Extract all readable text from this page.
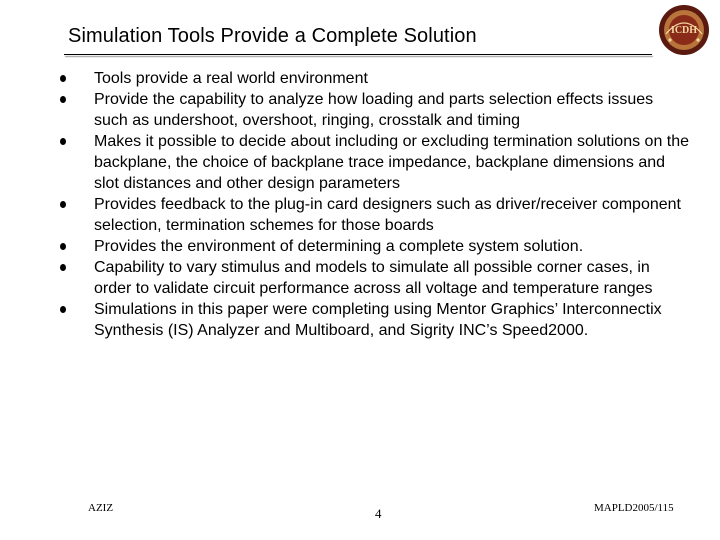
Simulation Tools Provide a Complete Solution	ICDH
Tools provide a real world environment
Provide the capability to analyze how loading and parts selection effects issues such as undershoot, overshoot, ringing, crosstalk and timing
Makes it possible to decide about including or excluding termination solutions on the backplane, the choice of backplane trace impedance, backplane dimensions and slot distances and other design parameters
Provides feedback to the plug-in card designers such as driver/receiver component selection, termination schemes for those boards
Provides the environment of determining a complete system solution.
Capability to vary stimulus and models to simulate all possible corner cases, in order to validate circuit performance across all voltage and temperature ranges
Simulations in this paper were completing using Mentor Graphics’ Interconnectix Synthesis (IS) Analyzer and Multiboard, and Sigrity INC’s Speed2000.
AZIZ	4	MAPLD2005/115
